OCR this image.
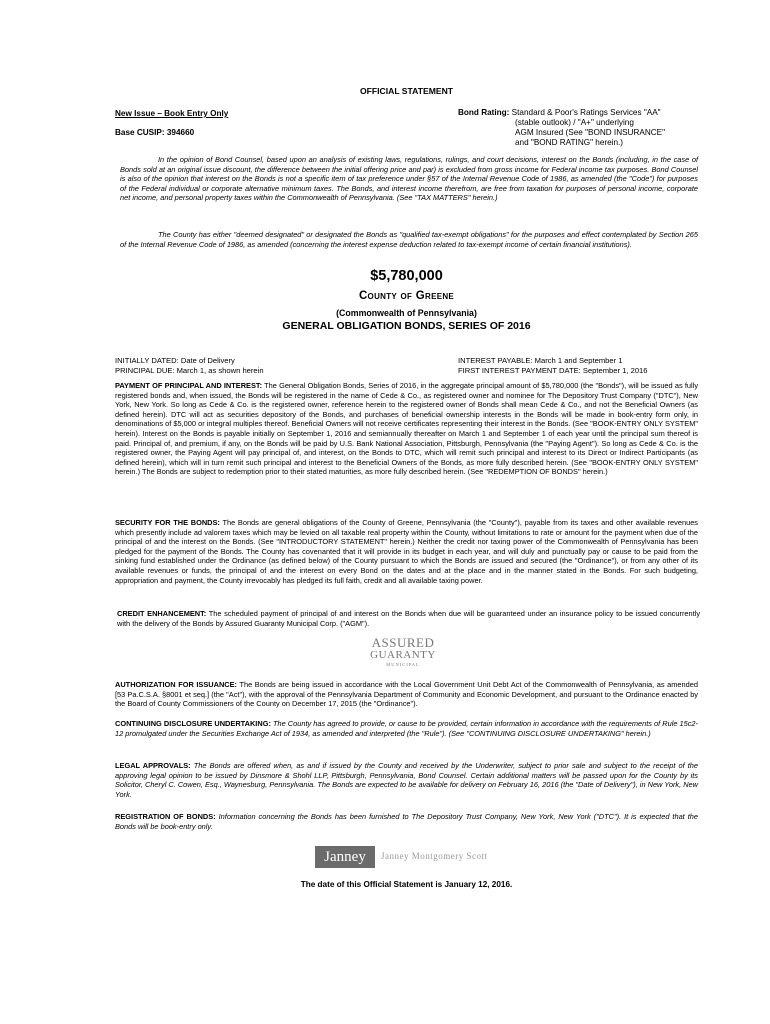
OFFICIAL STATEMENT
New Issue – Book Entry Only
Base CUSIP: 394660
Bond Rating: Standard & Poor's Ratings Services "AA"
(stable outlook) / "A+" underlying
AGM Insured (See "BOND INSURANCE"
and "BOND RATING" herein.)

In the opinion of Bond Counsel, based upon an analysis of existing laws, regulations, rulings, and court decisions, interest on the Bonds (including, in the case of Bonds sold at an original issue discount, the difference between the initial offering price and par) is excluded from gross income for Federal income tax purposes. Bond Counsel is also of the opinion that interest on the Bonds is not a specific item of tax preference under §57 of the Internal Revenue Code of 1986, as amended (the "Code") for purposes of the Federal individual or corporate alternative minimum taxes. The Bonds, and interest income therefrom, are free from taxation for purposes of personal income, corporate net income, and personal property taxes within the Commonwealth of Pennsylvania. (See "TAX MATTERS" herein.)

The County has either "deemed designated" or designated the Bonds as "qualified tax-exempt obligations" for the purposes and effect contemplated by Section 265 of the Internal Revenue Code of 1986, as amended (concerning the interest expense deduction related to tax-exempt income of certain financial institutions).

$5,780,000
County of Greene
(Commonwealth of Pennsylvania)
GENERAL OBLIGATION BONDS, SERIES OF 2016
INITIALLY DATED: Date of Delivery
PRINCIPAL DUE: March 1, as shown herein
INTEREST PAYABLE: March 1 and September 1
FIRST INTEREST PAYMENT DATE: September 1, 2016

PAYMENT OF PRINCIPAL AND INTEREST: The General Obligation Bonds, Series of 2016, in the aggregate principal amount of $5,780,000 (the "Bonds"), will be issued as fully registered bonds and, when issued, the Bonds will be registered in the name of Cede & Co., as registered owner and nominee for The Depository Trust Company ("DTC"), New York, New York. So long as Cede & Co. is the registered owner, reference herein to the registered owner of Bonds shall mean Cede & Co., and not the Beneficial Owners (as defined herein). DTC will act as securities depository of the Bonds, and purchases of beneficial ownership interests in the Bonds will be made in book-entry form only, in denominations of $5,000 or integral multiples thereof. Beneficial Owners will not receive certificates representing their interest in the Bonds. (See "BOOK-ENTRY ONLY SYSTEM" herein). Interest on the Bonds is payable initially on September 1, 2016 and semiannually thereafter on March 1 and September 1 of each year until the principal sum thereof is paid. Principal of, and premium, if any, on the Bonds will be paid by U.S. Bank National Association, Pittsburgh, Pennsylvania (the "Paying Agent"). So long as Cede & Co. is the registered owner, the Paying Agent will pay principal of, and interest, on the Bonds to DTC, which will remit such principal and interest to its Direct or Indirect Participants (as defined herein), which will in turn remit such principal and interest to the Beneficial Owners of the Bonds, as more fully described herein. (See "BOOK-ENTRY ONLY SYSTEM" herein.) The Bonds are subject to redemption prior to their stated maturities, as more fully described herein. (See "REDEMPTION OF BONDS" herein.)

SECURITY FOR THE BONDS: The Bonds are general obligations of the County of Greene, Pennsylvania (the "County"), payable from its taxes and other available revenues which presently include ad valorem taxes which may be levied on all taxable real property within the County, without limitations to rate or amount for the payment when due of the principal of and the interest on the Bonds. (See "INTRODUCTORY STATEMENT" herein.) Neither the credit nor taxing power of the Commonwealth of Pennsylvania has been pledged for the payment of the Bonds. The County has covenanted that it will provide in its budget in each year, and will duly and punctually pay or cause to be paid from the sinking fund established under the Ordinance (as defined below) of the County pursuant to which the Bonds are issued and secured (the "Ordinance"), or from any other of its available revenues or funds, the principal of and the interest on every Bond on the dates and at the place and in the manner stated in the Bonds. For such budgeting, appropriation and payment, the County irrevocably has pledged its full faith, credit and all available taxing power.

CREDIT ENHANCEMENT: The scheduled payment of principal of and interest on the Bonds when due will be guaranteed under an insurance policy to be issued concurrently with the delivery of the Bonds by Assured Guaranty Municipal Corp. ("AGM").

ASSURED
GUARANTY
MUNICIPAL

AUTHORIZATION FOR ISSUANCE: The Bonds are being issued in accordance with the Local Government Unit Debt Act of the Commonwealth of Pennsylvania, as amended [53 Pa.C.S.A. §8001 et seq.] (the "Act"), with the approval of the Pennsylvania Department of Community and Economic Development, and pursuant to the Ordinance enacted by the Board of County Commissioners of the County on December 17, 2015 (the "Ordinance").

CONTINUING DISCLOSURE UNDERTAKING: The County has agreed to provide, or cause to be provided, certain information in accordance with the requirements of Rule 15c2-12 promulgated under the Securities Exchange Act of 1934, as amended and interpreted (the "Rule"). (See "CONTINUING DISCLOSURE UNDERTAKING" herein.)

LEGAL APPROVALS: The Bonds are offered when, as and if issued by the County and received by the Underwriter, subject to prior sale and subject to the receipt of the approving legal opinion to be issued by Dinsmore & Shohl LLP, Pittsburgh, Pennsylvania, Bond Counsel. Certain additional matters will be passed upon for the County by its Solicitor, Cheryl C. Cowen, Esq., Waynesburg, Pennsylvania. The Bonds are expected to be available for delivery on February 16, 2016 (the "Date of Delivery"), in New York, New York.

REGISTRATION OF BONDS: Information concerning the Bonds has been furnished to The Depository Trust Company, New York, New York ("DTC"). It is expected that the Bonds will be book-entry only.

Janney	Janney Montgomery Scott
The date of this Official Statement is January 12, 2016.
